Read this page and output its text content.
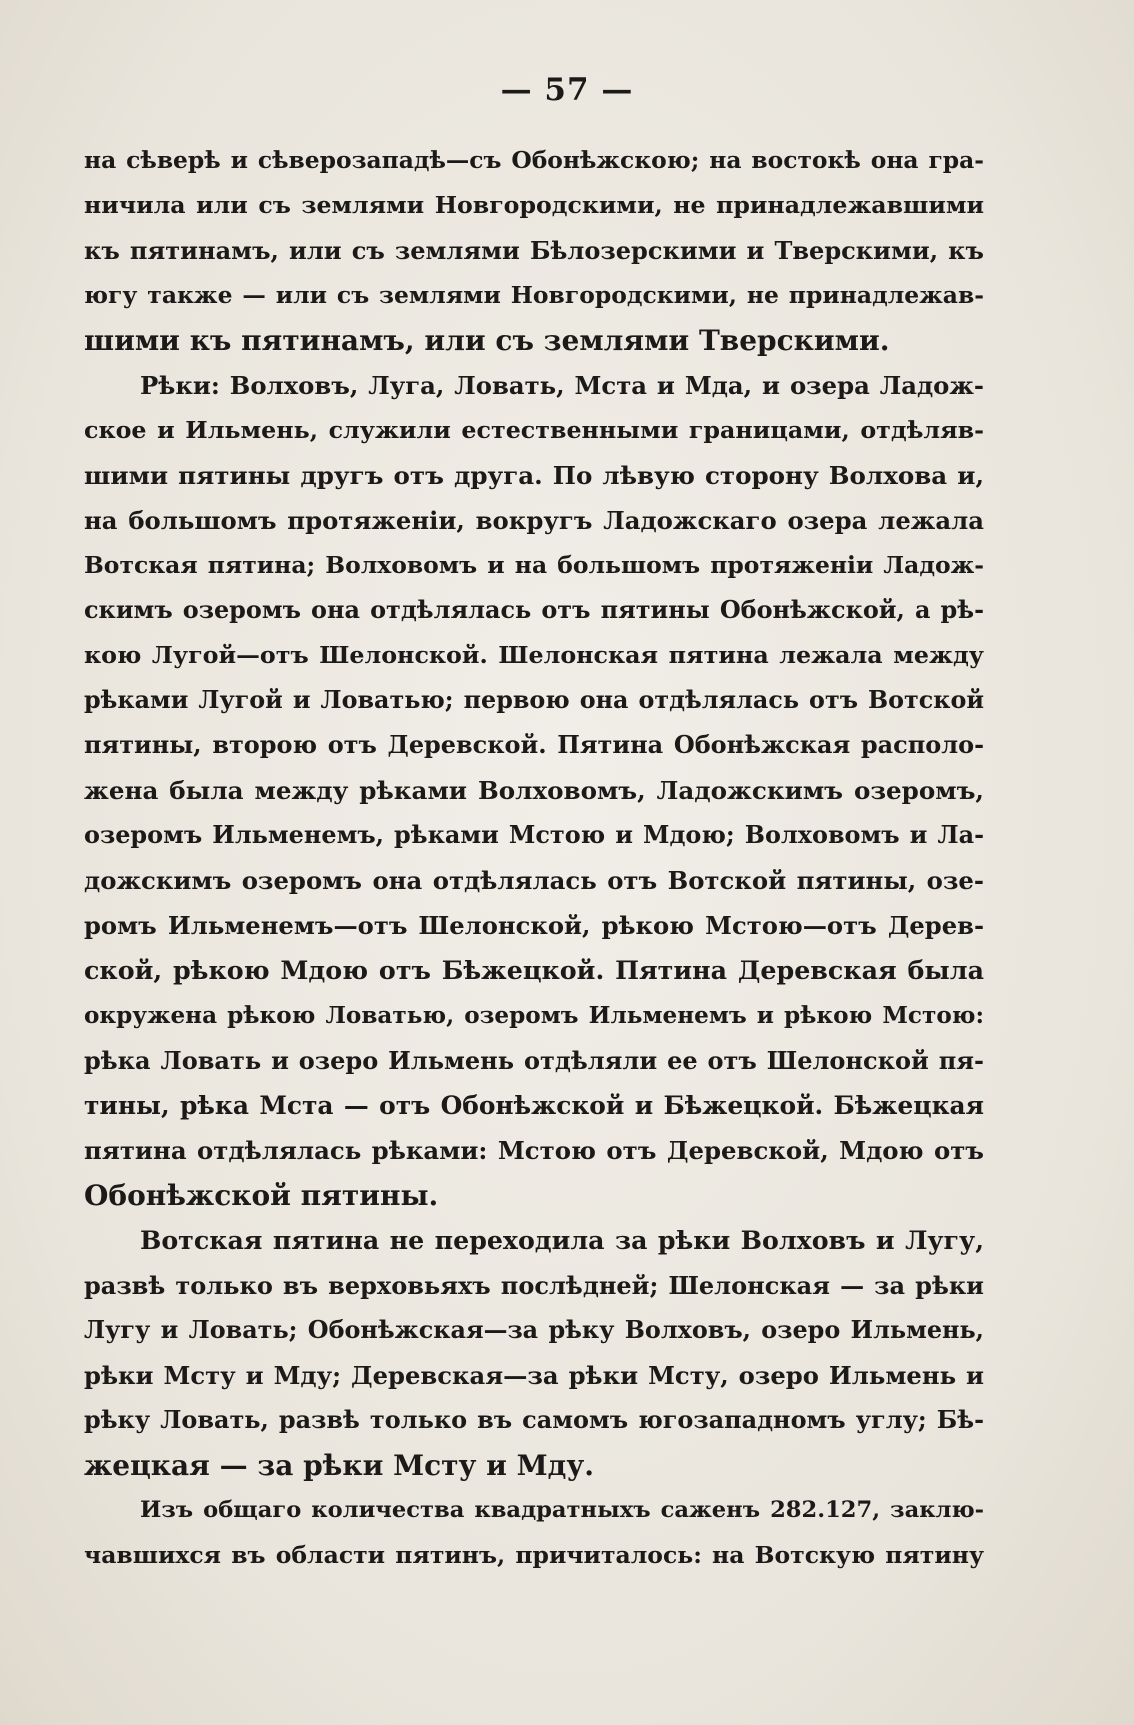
— 57 —
на сѣверѣ и сѣверозападѣ—съ Обонѣжскою; на востокѣ она гра-
ничила или съ землями Новгородскими, не принадлежавшими
къ пятинамъ, или съ землями Бѣлозерскими и Тверскими, къ
югу также — или съ землями Новгородскими, не принадлежав-
шими къ пятинамъ, или съ землями Тверскими.
Рѣки: Волховъ, Луга, Ловать, Мста и Мда, и озера Ладож-
ское и Ильмень, служили естественными границами, отдѣляв-
шими пятины другъ отъ друга. По лѣвую сторону Волхова и,
на большомъ протяженіи, вокругъ Ладожскаго озера лежала
Вотская пятина; Волховомъ и на большомъ протяженіи Ладож-
скимъ озеромъ она отдѣлялась отъ пятины Обонѣжской, а рѣ-
кою Лугой—отъ Шелонской. Шелонская пятина лежала между
рѣками Лугой и Ловатью; первою она отдѣлялась отъ Вотской
пятины, второю отъ Деревской. Пятина Обонѣжская располо-
жена была между рѣками Волховомъ, Ладожскимъ озеромъ,
озеромъ Ильменемъ, рѣками Мстою и Мдою; Волховомъ и Ла-
дожскимъ озеромъ она отдѣлялась отъ Вотской пятины, озе-
ромъ Ильменемъ—отъ Шелонской, рѣкою Мстою—отъ Дерев-
ской, рѣкою Мдою отъ Бѣжецкой. Пятина Деревская была
окружена рѣкою Ловатью, озеромъ Ильменемъ и рѣкою Мстою:
рѣка Ловать и озеро Ильмень отдѣляли ее отъ Шелонской пя-
тины, рѣка Мста — отъ Обонѣжской и Бѣжецкой. Бѣжецкая
пятина отдѣлялась рѣками: Мстою отъ Деревской, Мдою отъ
Обонѣжской пятины.
Вотская пятина не переходила за рѣки Волховъ и Лугу,
развѣ только въ верховьяхъ послѣдней; Шелонская — за рѣки
Лугу и Ловать; Обонѣжская—за рѣку Волховъ, озеро Ильмень,
рѣки Мсту и Мду; Деревская—за рѣки Мсту, озеро Ильмень и
рѣку Ловать, развѣ только въ самомъ югозападномъ углу; Бѣ-
жецкая — за рѣки Мсту и Мду.
Изъ общаго количества квадратныхъ саженъ 282.127, заклю-
чавшихся въ области пятинъ, причиталось: на Вотскую пятину
